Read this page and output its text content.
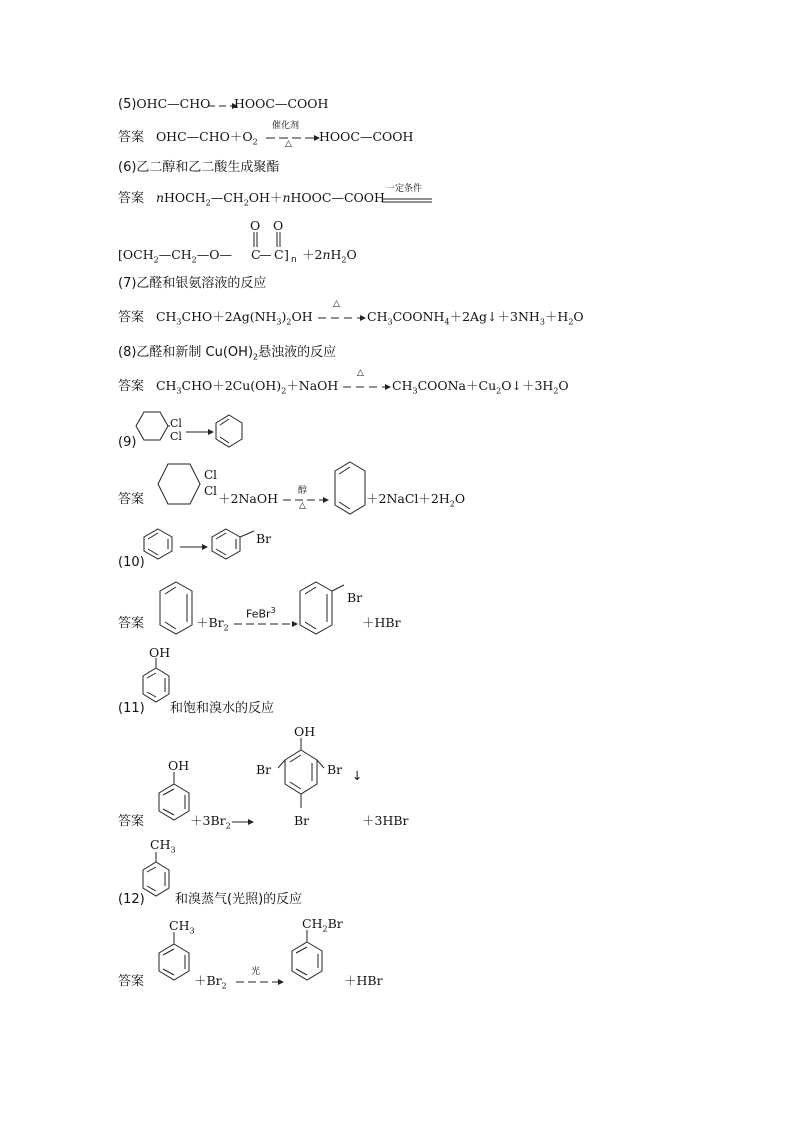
(5)OHC—CHO HOOC—COOH
答案 $OHC—CHO+O_2$
催化剂
△ HOOC—COOH
(6)乙二醇和乙二酸生成聚酯
答案 $nHOCH_2—CH_2OH+nHOOC—COOH$
一定条件
[$OCH_2—CH_2—O—$ C
— C
O O
] $n +2nH_2O$
(7)乙醛和银氨溶液的反应
答案 $CH_3CHO+2Ag(NH_3)_2OH$
△
$CH_3COONH_4+2Ag↓+3NH_3+H_2O$
(8)乙醛和新制 $Cu(OH)_2$悬浊液的反应
答案 $CH_3CHO+2Cu(OH)_2+NaOH$
△
$CH_3COONa+Cu_2O↓+3H_2O$
(9)
Cl
Cl
答案
Cl
Cl ＋2NaOH 醇
△	$+2NaCl+2H_2O$
(10)
Br
答案	$+Br_2$
FeBr$^3$
Br
＋HBr
OH
(11) 和饱和溴水的反应
答案
OH
$+3Br_2$
OH
Br	Br
Br
↓
＋3HBr
$CH_3$
(12) 和溴蒸气(光照)的反应
答案
$CH_3$
$+Br_2$
光
$CH_2Br$
＋HBr
